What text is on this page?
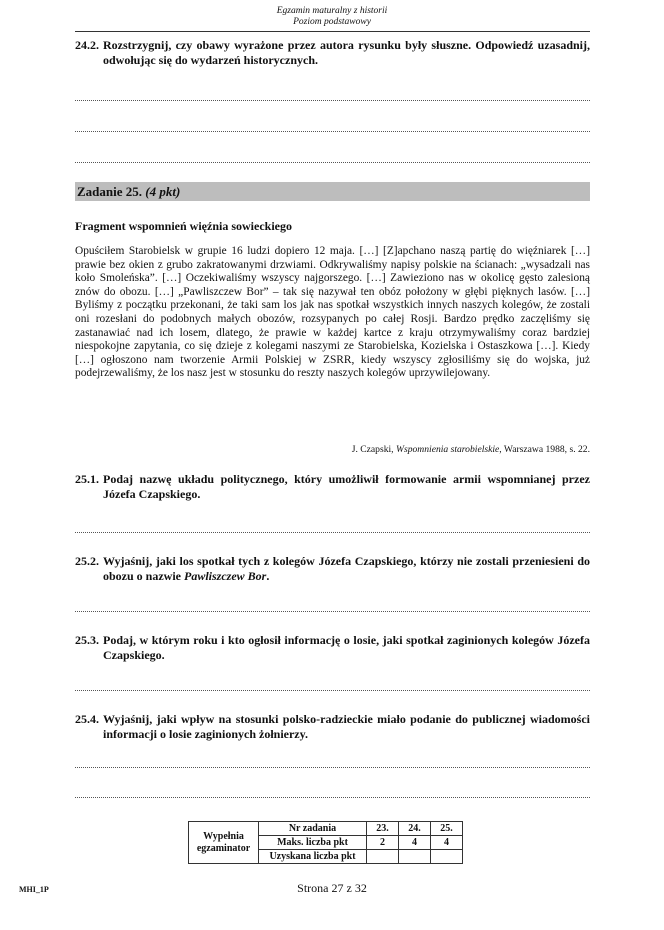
Egzamin maturalny z historii
Poziom podstawowy
24.2. Rozstrzygnij, czy obawy wyrażone przez autora rysunku były słuszne. Odpowiedź uzasadnij, odwołując się do wydarzeń historycznych.
Zadanie 25. (4 pkt)
Fragment wspomnień więźnia sowieckiego
Opuściłem Starobielsk w grupie 16 ludzi dopiero 12 maja. […] [Z]apchano naszą partię do więźniarek […] prawie bez okien z grubo zakratowanymi drzwiami. Odkrywaliśmy napisy polskie na ścianach: „wysadzali nas koło Smoleńska”. […] Oczekiwaliśmy wszyscy najgorszego. […] Zawieziono nas w okolicę gęsto zalesioną znów do obozu. […] „Pawliszczew Bor” – tak się nazywał ten obóz położony w głębi pięknych lasów. […] Byliśmy z początku przekonani, że taki sam los jak nas spotkał wszystkich innych naszych kolegów, że zostali oni rozesłani do podobnych małych obozów, rozsypanych po całej Rosji. Bardzo prędko zaczęliśmy się zastanawiać nad ich losem, dlatego, że prawie w każdej kartce z kraju otrzymywaliśmy coraz bardziej niespokojne zapytania, co się dzieje z kolegami naszymi ze Starobielska, Kozielska i Ostaszkowa […]. Kiedy […] ogłoszono nam tworzenie Armii Polskiej w ZSRR, kiedy wszyscy zgłosiliśmy się do wojska, już podejrzewaliśmy, że los nasz jest w stosunku do reszty naszych kolegów uprzywilejowany.
J. Czapski, Wspomnienia starobielskie, Warszawa 1988, s. 22.
25.1. Podaj nazwę układu politycznego, który umożliwił formowanie armii wspomnianej przez Józefa Czapskiego.
25.2. Wyjaśnij, jaki los spotkał tych z kolegów Józefa Czapskiego, którzy nie zostali przeniesieni do obozu o nazwie Pawliszczew Bor.
25.3. Podaj, w którym roku i kto ogłosił informację o losie, jaki spotkał zaginionych kolegów Józefa Czapskiego.
25.4. Wyjaśnij, jaki wpływ na stosunki polsko-radzieckie miało podanie do publicznej wiadomości informacji o losie zaginionych żołnierzy.
Wypełnia egzaminator	Nr zadania	23.	24.	25.
	Maks. liczba pkt	2	4	4
	Uzyskana liczba pkt			
MHI_1P	Strona 27 z 32
